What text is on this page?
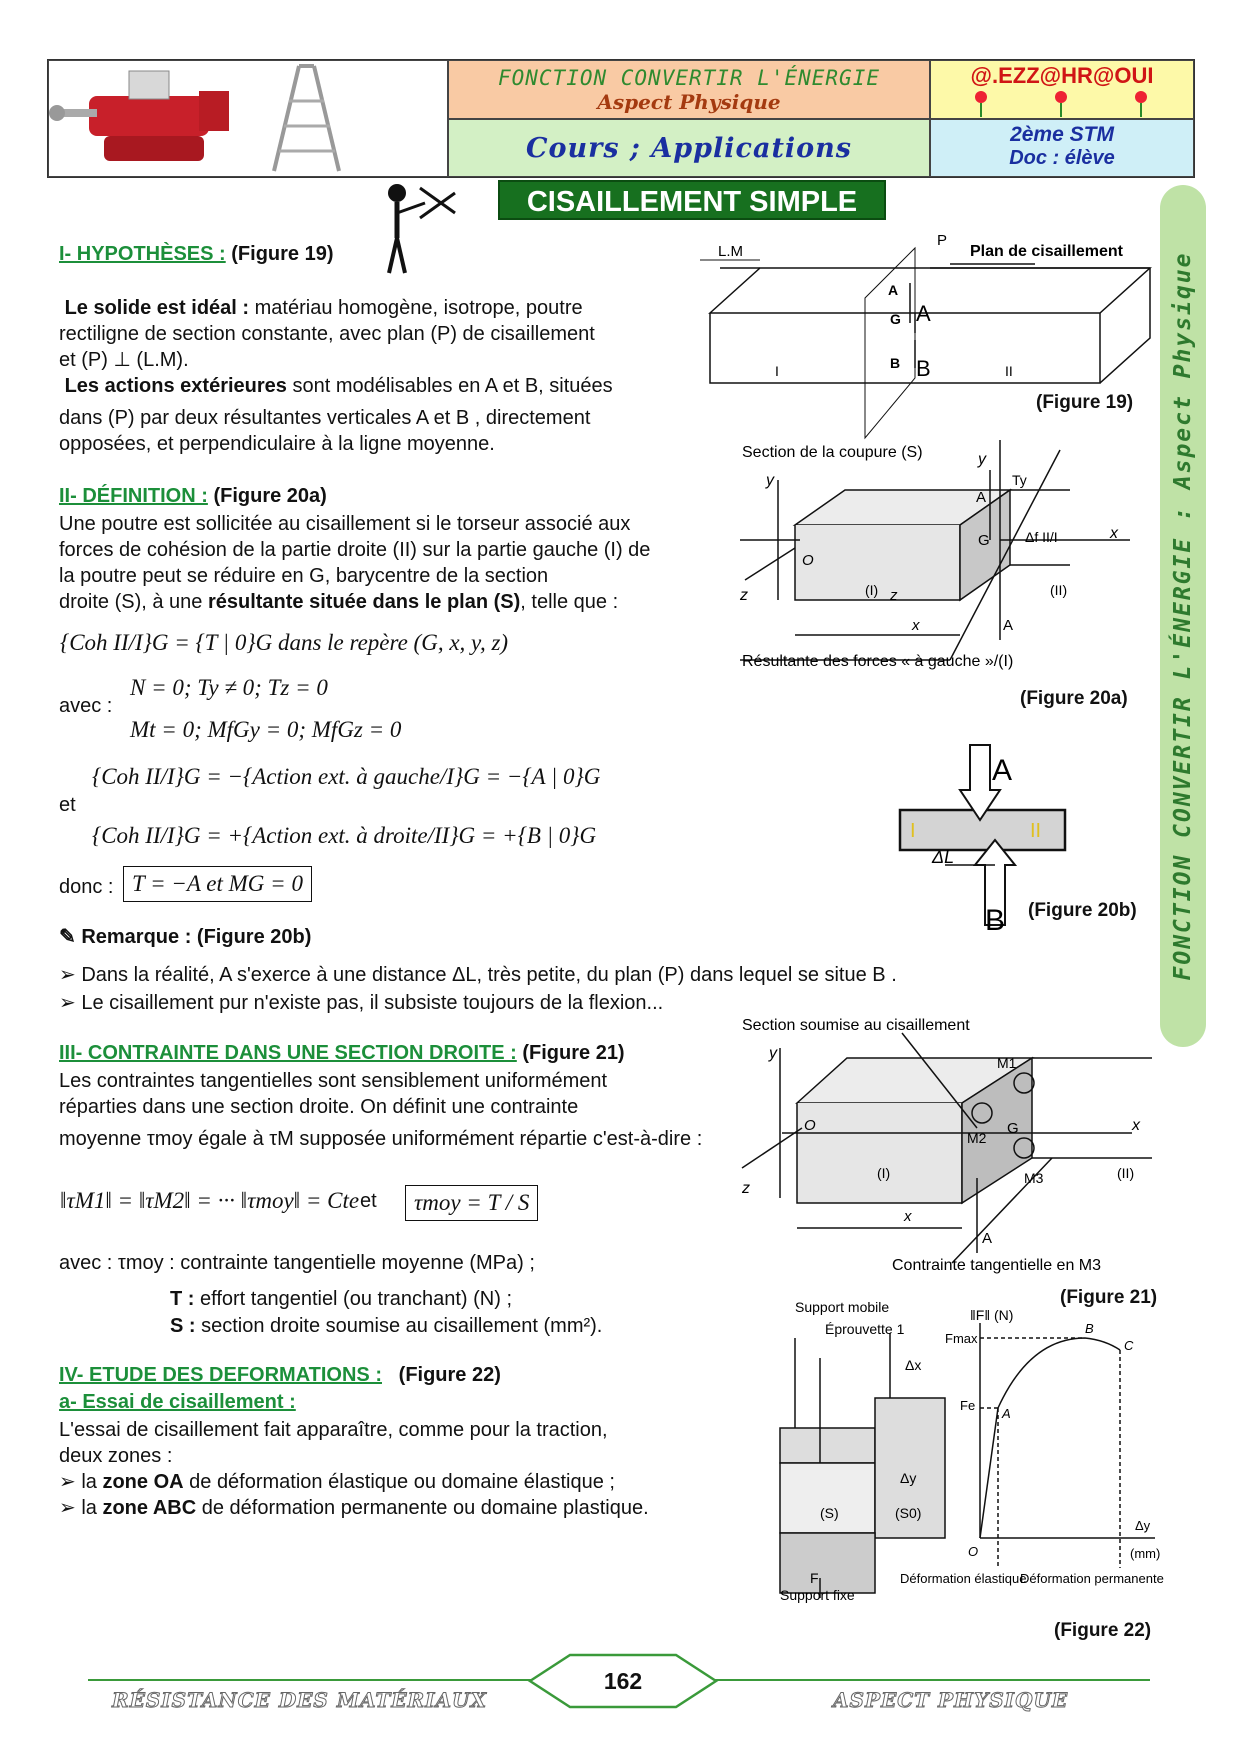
FONCTION CONVERTIR L'ÉNERGIE
Aspect Physique
Cours ; Applications
@.EZZ@HR@OUI
2ème STM
Doc : élève
CISAILLEMENT SIMPLE
FONCTION CONVERTIR L'ÉNERGIE : Aspect Physique
I- HYPOTHÈSES : (Figure 19)
Le solide est idéal : matériau homogène, isotrope, poutre
rectiligne de section constante, avec plan (P) de cisaillement
et (P) ⊥ (L.M).
Les actions extérieures sont modélisables en A et B, situées
dans (P) par deux résultantes verticales A et B , directement
opposées, et perpendiculaire à la ligne moyenne.
L.M	Plan de cisaillement
P
A
A
G
B B
I	II
(Figure 19)
II- DÉFINITION : (Figure 20a)
Une poutre est sollicitée au cisaillement si le torseur associé aux
forces de cohésion de la partie droite (II) sur la partie gauche (I) de
la poutre peut se réduire en G, barycentre de la section
droite (S), à une résultante située dans le plan (S), telle que :
{Coh II/I}G = {T | 0}G dans le repère (G, x, y, z)
avec :
N = 0; Ty ≠ 0; Tz = 0
Mt = 0; MfGy = 0; MfGz = 0
et
{Coh II/I}G = −{Action ext. à gauche/I}G = −{A | 0}G
{Coh II/I}G = +{Action ext. à droite/II}G = +{B | 0}G
donc : T = −A et MG = 0
Section de la coupure (S)
Résultante des forces « à gauche »/(I)
O
(I)	(II)
G
A
A
Δf II/I
Ty
y
y
x
x
z	z
(Figure 20a)
A
B
I	II
ΔL
(Figure 20b)
✎ Remarque : (Figure 20b)
➢ Dans la réalité, A s'exerce à une distance ΔL, très petite, du plan (P) dans lequel se situe B .
➢ Le cisaillement pur n'existe pas, il subsiste toujours de la flexion...
III- CONTRAINTE DANS UNE SECTION DROITE : (Figure 21)
Les contraintes tangentielles sont sensiblement uniformément
réparties dans une section droite. On définit une contrainte
moyenne τmoy égale à τM supposée uniformément répartie c'est-à-dire :
‖τM1‖ = ‖τM2‖ = ··· ‖τmoy‖ = Cte et	τmoy = T / S
avec : τmoy : contrainte tangentielle moyenne (MPa) ;
T : effort tangentiel (ou tranchant) (N) ;
S : section droite soumise au cisaillement (mm²).
Section soumise au cisaillement
Contrainte tangentielle en M3
O
(I)	(II)
G
M1
M2
M3
A
x
x
y
z
(Figure 21)
IV- ETUDE DES DEFORMATIONS : (Figure 22)
a- Essai de cisaillement :
L'essai de cisaillement fait apparaître, comme pour la traction,
deux zones :
➢ la zone OA de déformation élastique ou domaine élastique ;
➢ la zone ABC de déformation permanente ou domaine plastique.
Support mobile
Éprouvette 1
Δx
(S)	(S0)
Δy
F
Support fixe
‖F‖ (N)
Fmax
Fe
O
A
B
C
Δy
(mm)
Déformation élastique
Déformation permanente
(Figure 22)
162
RÉSISTANCE DES MATÉRIAUX	ASPECT PHYSIQUE
